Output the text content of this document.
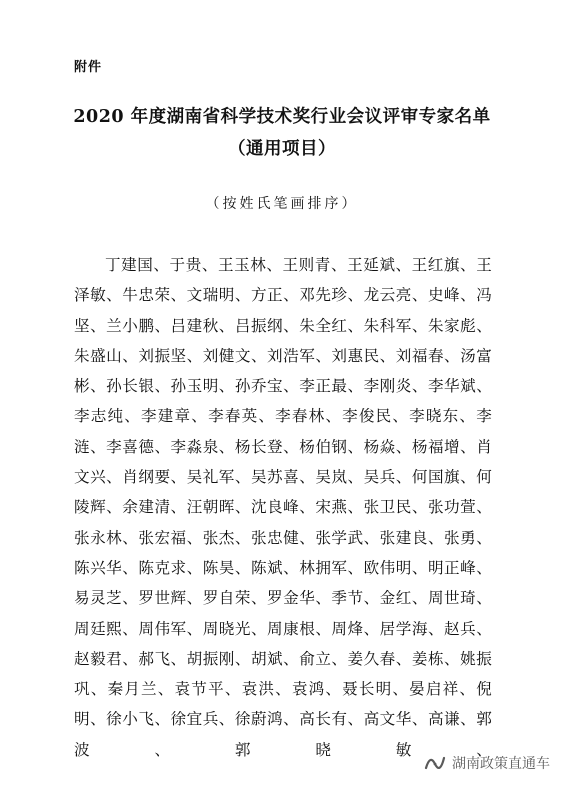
附件
2020 年度湖南省科学技术奖行业会议评审专家名单
（通用项目）
（按姓氏笔画排序）
丁建国、于贵、王玉林、王则青、王延斌、王红旗、王泽敏、牛忠荣、文瑞明、方正、邓先珍、龙云亮、史峰、冯坚、兰小鹏、吕建秋、吕振纲、朱全红、朱科军、朱家彪、朱盛山、刘振坚、刘健文、刘浩军、刘惠民、刘福春、汤富彬、孙长银、孙玉明、孙乔宝、李正最、李刚炎、李华斌、李志纯、李建章、李春英、李春林、李俊民、李晓东、李涟、李喜德、李淼泉、杨长登、杨伯钢、杨焱、杨福增、肖文兴、肖纲要、吴礼军、吴苏喜、吴岚、吴兵、何国旗、何陵辉、余建清、汪朝晖、沈良峰、宋燕、张卫民、张功萱、张永林、张宏福、张杰、张忠健、张学武、张建良、张勇、陈兴华、陈克求、陈昊、陈斌、林拥军、欧伟明、明正峰、易灵芝、罗世辉、罗自荣、罗金华、季节、金红、周世琦、周廷熙、周伟军、周晓光、周康根、周烽、居学海、赵兵、赵毅君、郝飞、胡振刚、胡斌、俞立、姜久春、姜栋、姚振巩、秦月兰、袁节平、袁洪、袁鸿、聂长明、晏启祥、倪明、徐小飞、徐宜兵、徐蔚鸿、高长有、高文华、高谦、郭波、郭晓敏、
湖南政策直通车
